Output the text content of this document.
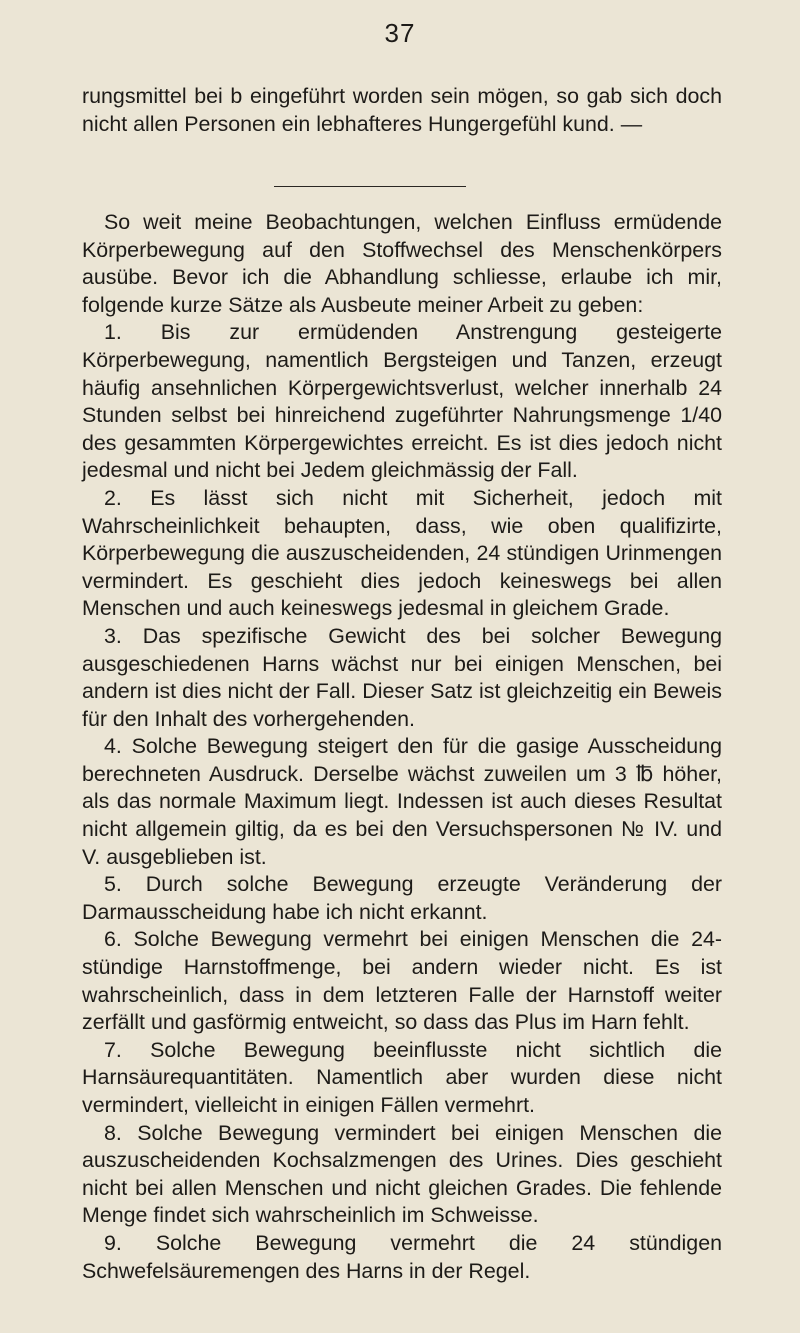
37

rungsmittel bei b eingeführt worden sein mögen, so gab sich doch nicht allen Personen ein lebhafteres Hungergefühl kund. —

So weit meine Beobachtungen, welchen Einfluss ermüdende Körperbewegung auf den Stoffwechsel des Menschenkörpers ausübe. Bevor ich die Abhandlung schliesse, erlaube ich mir, folgende kurze Sätze als Ausbeute meiner Arbeit zu geben:

1. Bis zur ermüdenden Anstrengung gesteigerte Körperbewegung, namentlich Bergsteigen und Tanzen, erzeugt häufig ansehnlichen Körpergewichtsverlust, welcher innerhalb 24 Stunden selbst bei hinreichend zugeführter Nahrungsmenge 1/40 des gesammten Körpergewichtes erreicht. Es ist dies jedoch nicht jedesmal und nicht bei Jedem gleichmässig der Fall.

2. Es lässt sich nicht mit Sicherheit, jedoch mit Wahrscheinlichkeit behaupten, dass, wie oben qualifizirte, Körperbewegung die auszuscheidenden, 24 stündigen Urinmengen vermindert. Es geschieht dies jedoch keineswegs bei allen Menschen und auch keineswegs jedesmal in gleichem Grade.

3. Das spezifische Gewicht des bei solcher Bewegung ausgeschiedenen Harns wächst nur bei einigen Menschen, bei andern ist dies nicht der Fall. Dieser Satz ist gleichzeitig ein Beweis für den Inhalt des vorhergehenden.

4. Solche Bewegung steigert den für die gasige Ausscheidung berechneten Ausdruck. Derselbe wächst zuweilen um 3 ℔ höher, als das normale Maximum liegt. Indessen ist auch dieses Resultat nicht allgemein giltig, da es bei den Versuchspersonen № IV. und V. ausgeblieben ist.

5. Durch solche Bewegung erzeugte Veränderung der Darmausscheidung habe ich nicht erkannt.

6. Solche Bewegung vermehrt bei einigen Menschen die 24-stündige Harnstoffmenge, bei andern wieder nicht. Es ist wahrscheinlich, dass in dem letzteren Falle der Harnstoff weiter zerfällt und gasförmig entweicht, so dass das Plus im Harn fehlt.

7. Solche Bewegung beeinflusste nicht sichtlich die Harnsäurequantitäten. Namentlich aber wurden diese nicht vermindert, vielleicht in einigen Fällen vermehrt.

8. Solche Bewegung vermindert bei einigen Menschen die auszuscheidenden Kochsalzmengen des Urines. Dies geschieht nicht bei allen Menschen und nicht gleichen Grades. Die fehlende Menge findet sich wahrscheinlich im Schweisse.

9. Solche Bewegung vermehrt die 24 stündigen Schwefelsäuremengen des Harns in der Regel.
